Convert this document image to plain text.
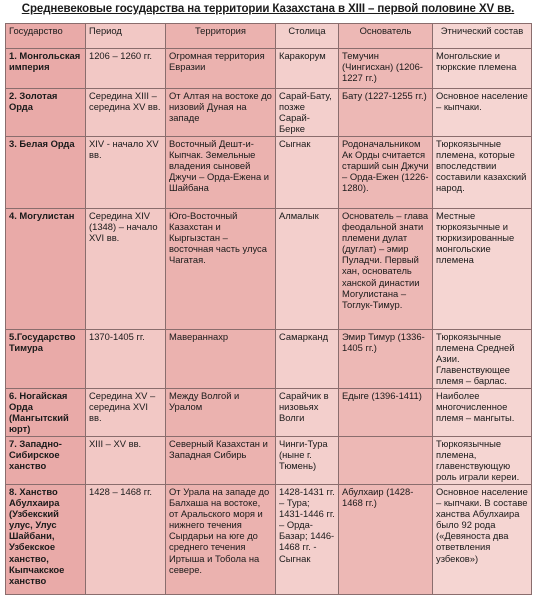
Средневековые государства на территории Казахстана в XIII – первой половине XV вв.
Государство	Период	Территория	Столица	Основатель	Этнический состав
1. Монгольская империя	1206 – 1260 гг.	Огромная территория Евразии	Каракорум	Темучин (Чингисхан) (1206-1227 гг.)	Монгольские и тюркские племена
2. Золотая Орда	Середина XIII – середина XV вв.	От Алтая на востоке до низовий Дуная на западе	Сарай-Бату, позже Сарай-Берке	Батy (1227-1255 гг.)	Основное население – кыпчаки.
3. Белая Орда	XIV - начало XV вв.	Восточный Дешт-и-Кыпчак. Земельные владения сыновей Джучи – Орда-Ежена и Шайбана	Сыгнак	Родоначальником Ак Орды считается старший сын Джучи – Орда-Ежен (1226-1280).	Тюркоязычные племена, которые впоследствии составили казахский народ.
4. Могулистан	Середина XIV (1348) – начало XVI вв.	Юго-Восточный Казахстан и Кыргызстан – восточная часть улуса Чагатая.	Алмалык	Основатель – глава феодальной знати племени дулат (дуглат) – эмир Пуладчи. Первый хан, основатель ханской династии Могулистана – Тоглук-Тимур.	Местные тюркоязычные и тюркизированные монгольские племена
5.Государство Тимура	1370-1405 гг.	Мавераннахр	Самарканд	Эмир Тимур (1336-1405 гг.)	Тюркоязычные племена Средней Азии. Главенствующее племя – барлас.
6. Ногайская Орда (Мангытский юрт)	Середина XV – середина XVI вв.	Между Волгой и Уралом	Сарайчик в низовьях Волги	Едыге (1396-1411)	Наиболее многочисленное племя – мангыты.
7. Западно-Сибирское ханство	XIII – XV вв.	Северный Казахстан и Западная Сибирь	Чинги-Тура (ныне г. Тюмень)		Тюркоязычные племена, главенствующую роль играли кереи.
8. Ханство Абулхаира (Узбекский улус, Улус Шайбани, Узбекское ханство, Кыпчакское ханство	1428 – 1468 гг.	От Урала на западе до Балхаша на востоке, от Аральского моря и нижнего течения Сырдарьи на юге до среднего течения Иртыша и Тобола на севере.	1428-1431 гг. – Тура; 1431-1446 гг. – Орда-Базар; 1446-1468 гг. - Сыгнак	Абулхаир (1428-1468 гг.)	Основное население – кыпчаки. В составе ханства Абулхаира было 92 рода («Девяноста два ответвления узбеков»)
